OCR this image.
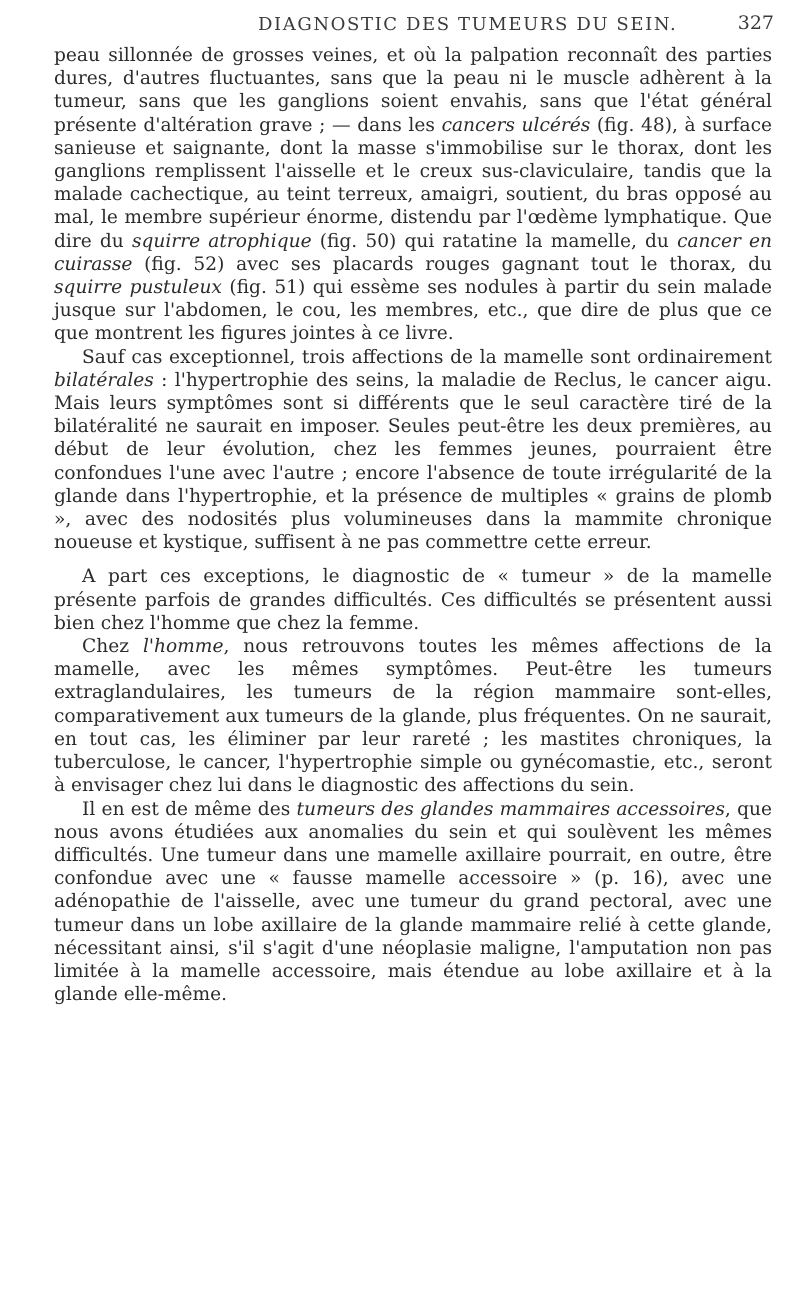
DIAGNOSTIC DES TUMEURS DU SEIN.	327

peau sillonnée de grosses veines, et où la palpation reconnaît des parties dures, d'autres fluctuantes, sans que la peau ni le muscle adhèrent à la tumeur, sans que les ganglions soient envahis, sans que l'état général présente d'altération grave ; — dans les cancers ulcérés (fig. 48), à surface sanieuse et saignante, dont la masse s'immobilise sur le thorax, dont les ganglions remplissent l'aisselle et le creux sus-claviculaire, tandis que la malade cachectique, au teint terreux, amaigri, soutient, du bras opposé au mal, le membre supérieur énorme, distendu par l'œdème lymphatique. Que dire du squirre atrophique (fig. 50) qui ratatine la mamelle, du cancer en cuirasse (fig. 52) avec ses placards rouges gagnant tout le thorax, du squirre pustuleux (fig. 51) qui essème ses nodules à partir du sein malade jusque sur l'abdomen, le cou, les membres, etc., que dire de plus que ce que montrent les figures jointes à ce livre.

Sauf cas exceptionnel, trois affections de la mamelle sont ordinairement bilatérales : l'hypertrophie des seins, la maladie de Reclus, le cancer aigu. Mais leurs symptômes sont si différents que le seul caractère tiré de la bilatéralité ne saurait en imposer. Seules peut-être les deux premières, au début de leur évolution, chez les femmes jeunes, pourraient être confondues l'une avec l'autre ; encore l'absence de toute irrégularité de la glande dans l'hypertrophie, et la présence de multiples « grains de plomb », avec des nodosités plus volumineuses dans la mammite chronique noueuse et kystique, suffisent à ne pas commettre cette erreur.

A part ces exceptions, le diagnostic de « tumeur » de la mamelle présente parfois de grandes difficultés. Ces difficultés se présentent aussi bien chez l'homme que chez la femme.

Chez l'homme, nous retrouvons toutes les mêmes affections de la mamelle, avec les mêmes symptômes. Peut-être les tumeurs extraglandulaires, les tumeurs de la région mammaire sont-elles, comparativement aux tumeurs de la glande, plus fréquentes. On ne saurait, en tout cas, les éliminer par leur rareté ; les mastites chroniques, la tuberculose, le cancer, l'hypertrophie simple ou gynécomastie, etc., seront à envisager chez lui dans le diagnostic des affections du sein.

Il en est de même des tumeurs des glandes mammaires accessoires, que nous avons étudiées aux anomalies du sein et qui soulèvent les mêmes difficultés. Une tumeur dans une mamelle axillaire pourrait, en outre, être confondue avec une « fausse mamelle accessoire » (p. 16), avec une adénopathie de l'aisselle, avec une tumeur du grand pectoral, avec une tumeur dans un lobe axillaire de la glande mammaire relié à cette glande, nécessitant ainsi, s'il s'agit d'une néoplasie maligne, l'amputation non pas limitée à la mamelle accessoire, mais étendue au lobe axillaire et à la glande elle-même.
